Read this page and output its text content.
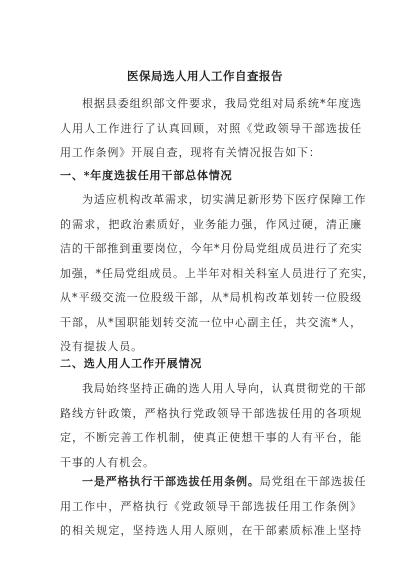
医保局选人用人工作自查报告
根据县委组织部文件要求，我局党组对局系统*年度选
人用人工作进行了认真回顾，对照《党政领导干部选拔任
用工作条例》开展自查，现将有关情况报告如下：
一、*年度选拔任用干部总体情况
为适应机构改革需求，切实满足新形势下医疗保障工作
的需求，把政治素质好，业务能力强，作风过硬，清正廉
洁的干部推到重要岗位，今年*月份局党组成员进行了充实
加强，*任局党组成员。上半年对相关科室人员进行了充实，
从*平级交流一位股级干部，从*局机构改革划转一位股级
干部，从*国职能划转交流一位中心副主任，共交流*人，
没有提拔人员。
二、选人用人工作开展情况
我局始终坚持正确的选人用人导向，认真贯彻党的干部
路线方针政策，严格执行党政领导干部选拔任用的各项规
定，不断完善工作机制，使真正使想干事的人有平台，能
干事的人有机会。
一是严格执行干部选拔任用条例。局党组在干部选拔任
用工作中，严格执行《党政领导干部选拔任用工作条例》
的相关规定，坚持选人用人原则，在干部素质标准上坚持
